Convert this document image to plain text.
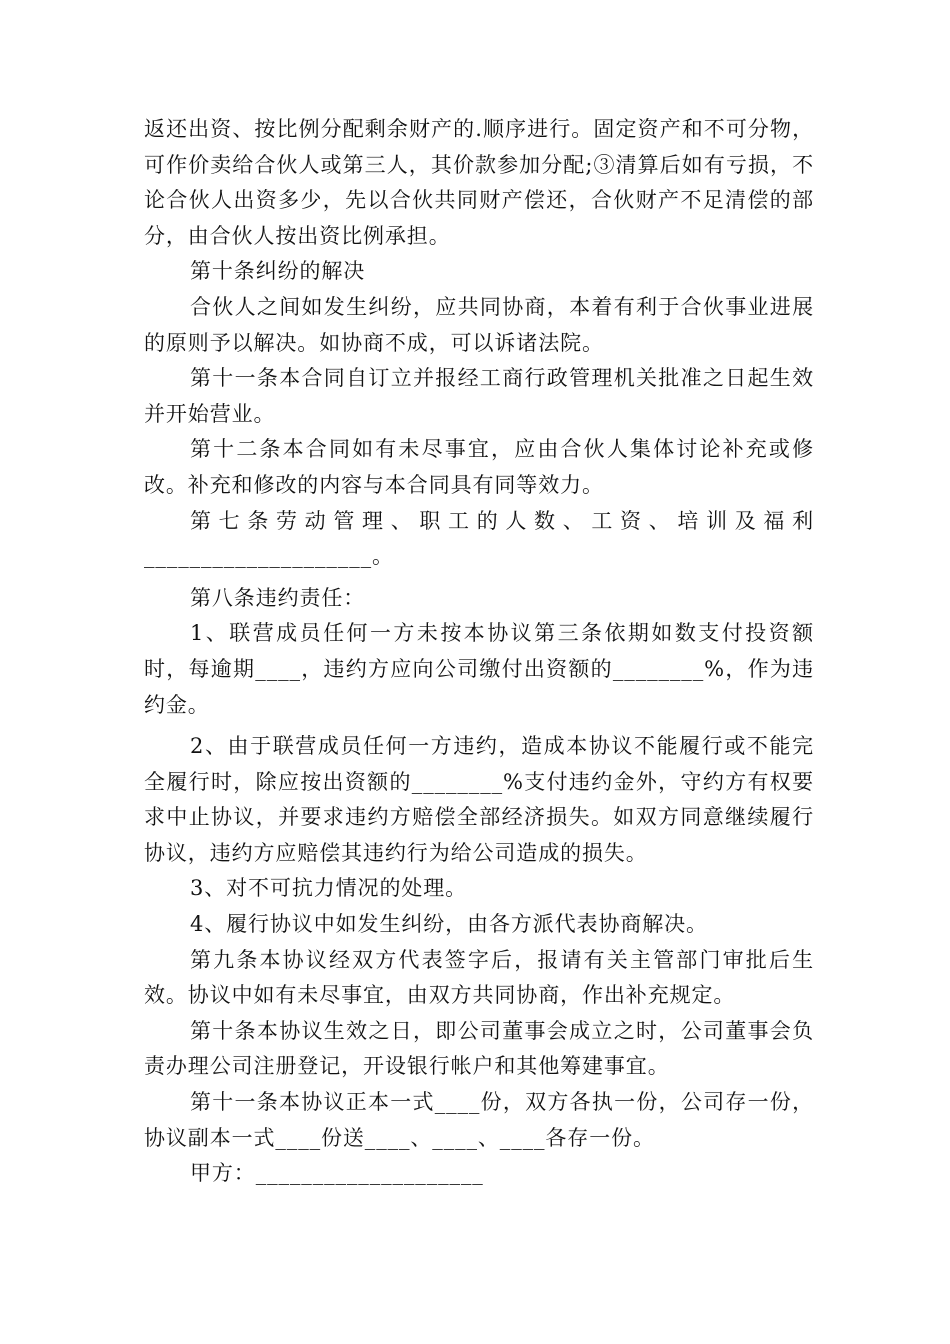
返还出资、按比例分配剩余财产的.顺序进行。固定资产和不可分物，可作价卖给合伙人或第三人，其价款参加分配;③清算后如有亏损，不论合伙人出资多少，先以合伙共同财产偿还，合伙财产不足清偿的部分，由合伙人按出资比例承担。

第十条纠纷的解决

合伙人之间如发生纠纷，应共同协商，本着有利于合伙事业进展的原则予以解决。如协商不成，可以诉诸法院。

第十一条本合同自订立并报经工商行政管理机关批准之日起生效并开始营业。

第十二条本合同如有未尽事宜，应由合伙人集体讨论补充或修改。补充和修改的内容与本合同具有同等效力。

第七条劳动管理、职工的人数、工资、培训及福利____________________。

第八条违约责任：

1、联营成员任何一方未按本协议第三条依期如数支付投资额时，每逾期____，违约方应向公司缴付出资额的________%，作为违约金。

2、由于联营成员任何一方违约，造成本协议不能履行或不能完全履行时，除应按出资额的________%支付违约金外，守约方有权要求中止协议，并要求违约方赔偿全部经济损失。如双方同意继续履行协议，违约方应赔偿其违约行为给公司造成的损失。

3、对不可抗力情况的处理。

4、履行协议中如发生纠纷，由各方派代表协商解决。

第九条本协议经双方代表签字后，报请有关主管部门审批后生效。协议中如有未尽事宜，由双方共同协商，作出补充规定。

第十条本协议生效之日，即公司董事会成立之时，公司董事会负责办理公司注册登记，开设银行帐户和其他筹建事宜。

第十一条本协议正本一式____份，双方各执一份，公司存一份，协议副本一式____份送____、____、____各存一份。

甲方：____________________
